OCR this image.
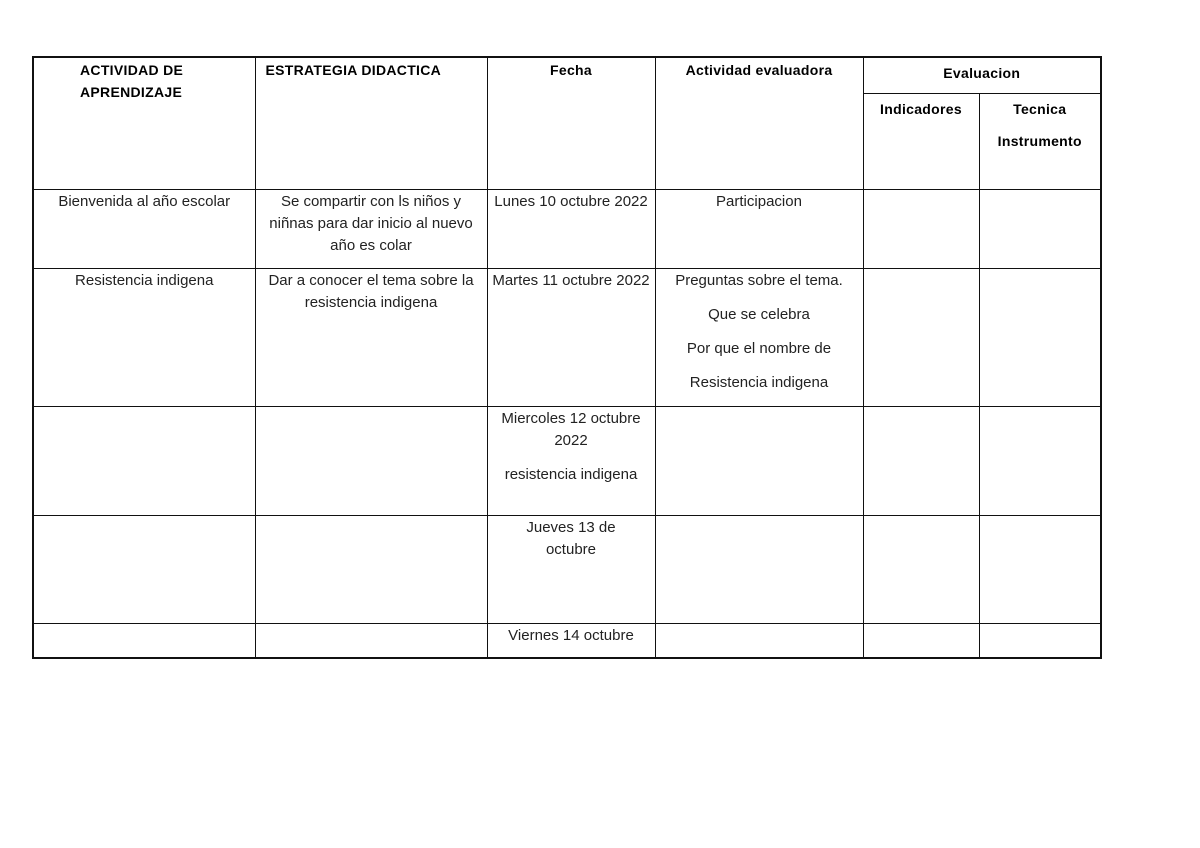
ACTIVIDAD DE APRENDIZAJE	ESTRATEGIA DIDACTICA	Fecha	Actividad evaluadora	Evaluacion	
				Indicadores	Tecnica
Instrumento

Bienvenida al año escolar	Se compartir con ls niños y niñnas para dar inicio al nuevo año es colar	Lunes 10 octubre 2022	Participacion		

Resistencia indigena	Dar a conocer el tema sobre la resistencia indigena	Martes 11 octubre 2022	Preguntas sobre el tema.
Que se celebra
Por que el nombre de
Resistencia indigena		

		Miercoles 12 octubre 2022
resistencia indigena			

		Jueves 13 de octubre			
		Viernes 14 octubre			
